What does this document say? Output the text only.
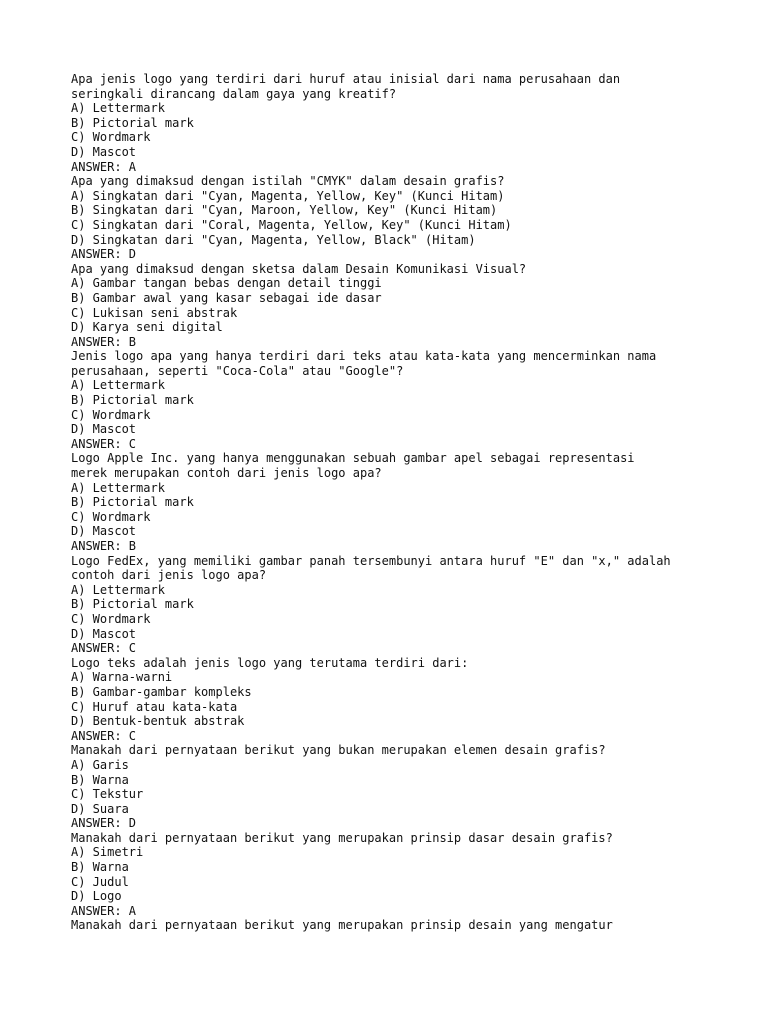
Apa jenis logo yang terdiri dari huruf atau inisial dari nama perusahaan dan
seringkali dirancang dalam gaya yang kreatif?
A) Lettermark
B) Pictorial mark
C) Wordmark
D) Mascot
ANSWER: A
Apa yang dimaksud dengan istilah "CMYK" dalam desain grafis?
A) Singkatan dari "Cyan, Magenta, Yellow, Key" (Kunci Hitam)
B) Singkatan dari "Cyan, Maroon, Yellow, Key" (Kunci Hitam)
C) Singkatan dari "Coral, Magenta, Yellow, Key" (Kunci Hitam)
D) Singkatan dari "Cyan, Magenta, Yellow, Black" (Hitam)
ANSWER: D
Apa yang dimaksud dengan sketsa dalam Desain Komunikasi Visual?
A) Gambar tangan bebas dengan detail tinggi
B) Gambar awal yang kasar sebagai ide dasar
C) Lukisan seni abstrak
D) Karya seni digital
ANSWER: B
Jenis logo apa yang hanya terdiri dari teks atau kata-kata yang mencerminkan nama
perusahaan, seperti "Coca-Cola" atau "Google"?
A) Lettermark
B) Pictorial mark
C) Wordmark
D) Mascot
ANSWER: C
Logo Apple Inc. yang hanya menggunakan sebuah gambar apel sebagai representasi
merek merupakan contoh dari jenis logo apa?
A) Lettermark
B) Pictorial mark
C) Wordmark
D) Mascot
ANSWER: B
Logo FedEx, yang memiliki gambar panah tersembunyi antara huruf "E" dan "x," adalah
contoh dari jenis logo apa?
A) Lettermark
B) Pictorial mark
C) Wordmark
D) Mascot
ANSWER: C
Logo teks adalah jenis logo yang terutama terdiri dari:
A) Warna-warni
B) Gambar-gambar kompleks
C) Huruf atau kata-kata
D) Bentuk-bentuk abstrak
ANSWER: C
Manakah dari pernyataan berikut yang bukan merupakan elemen desain grafis?
A) Garis
B) Warna
C) Tekstur
D) Suara
ANSWER: D
Manakah dari pernyataan berikut yang merupakan prinsip dasar desain grafis?
A) Simetri
B) Warna
C) Judul
D) Logo
ANSWER: A
Manakah dari pernyataan berikut yang merupakan prinsip desain yang mengatur
